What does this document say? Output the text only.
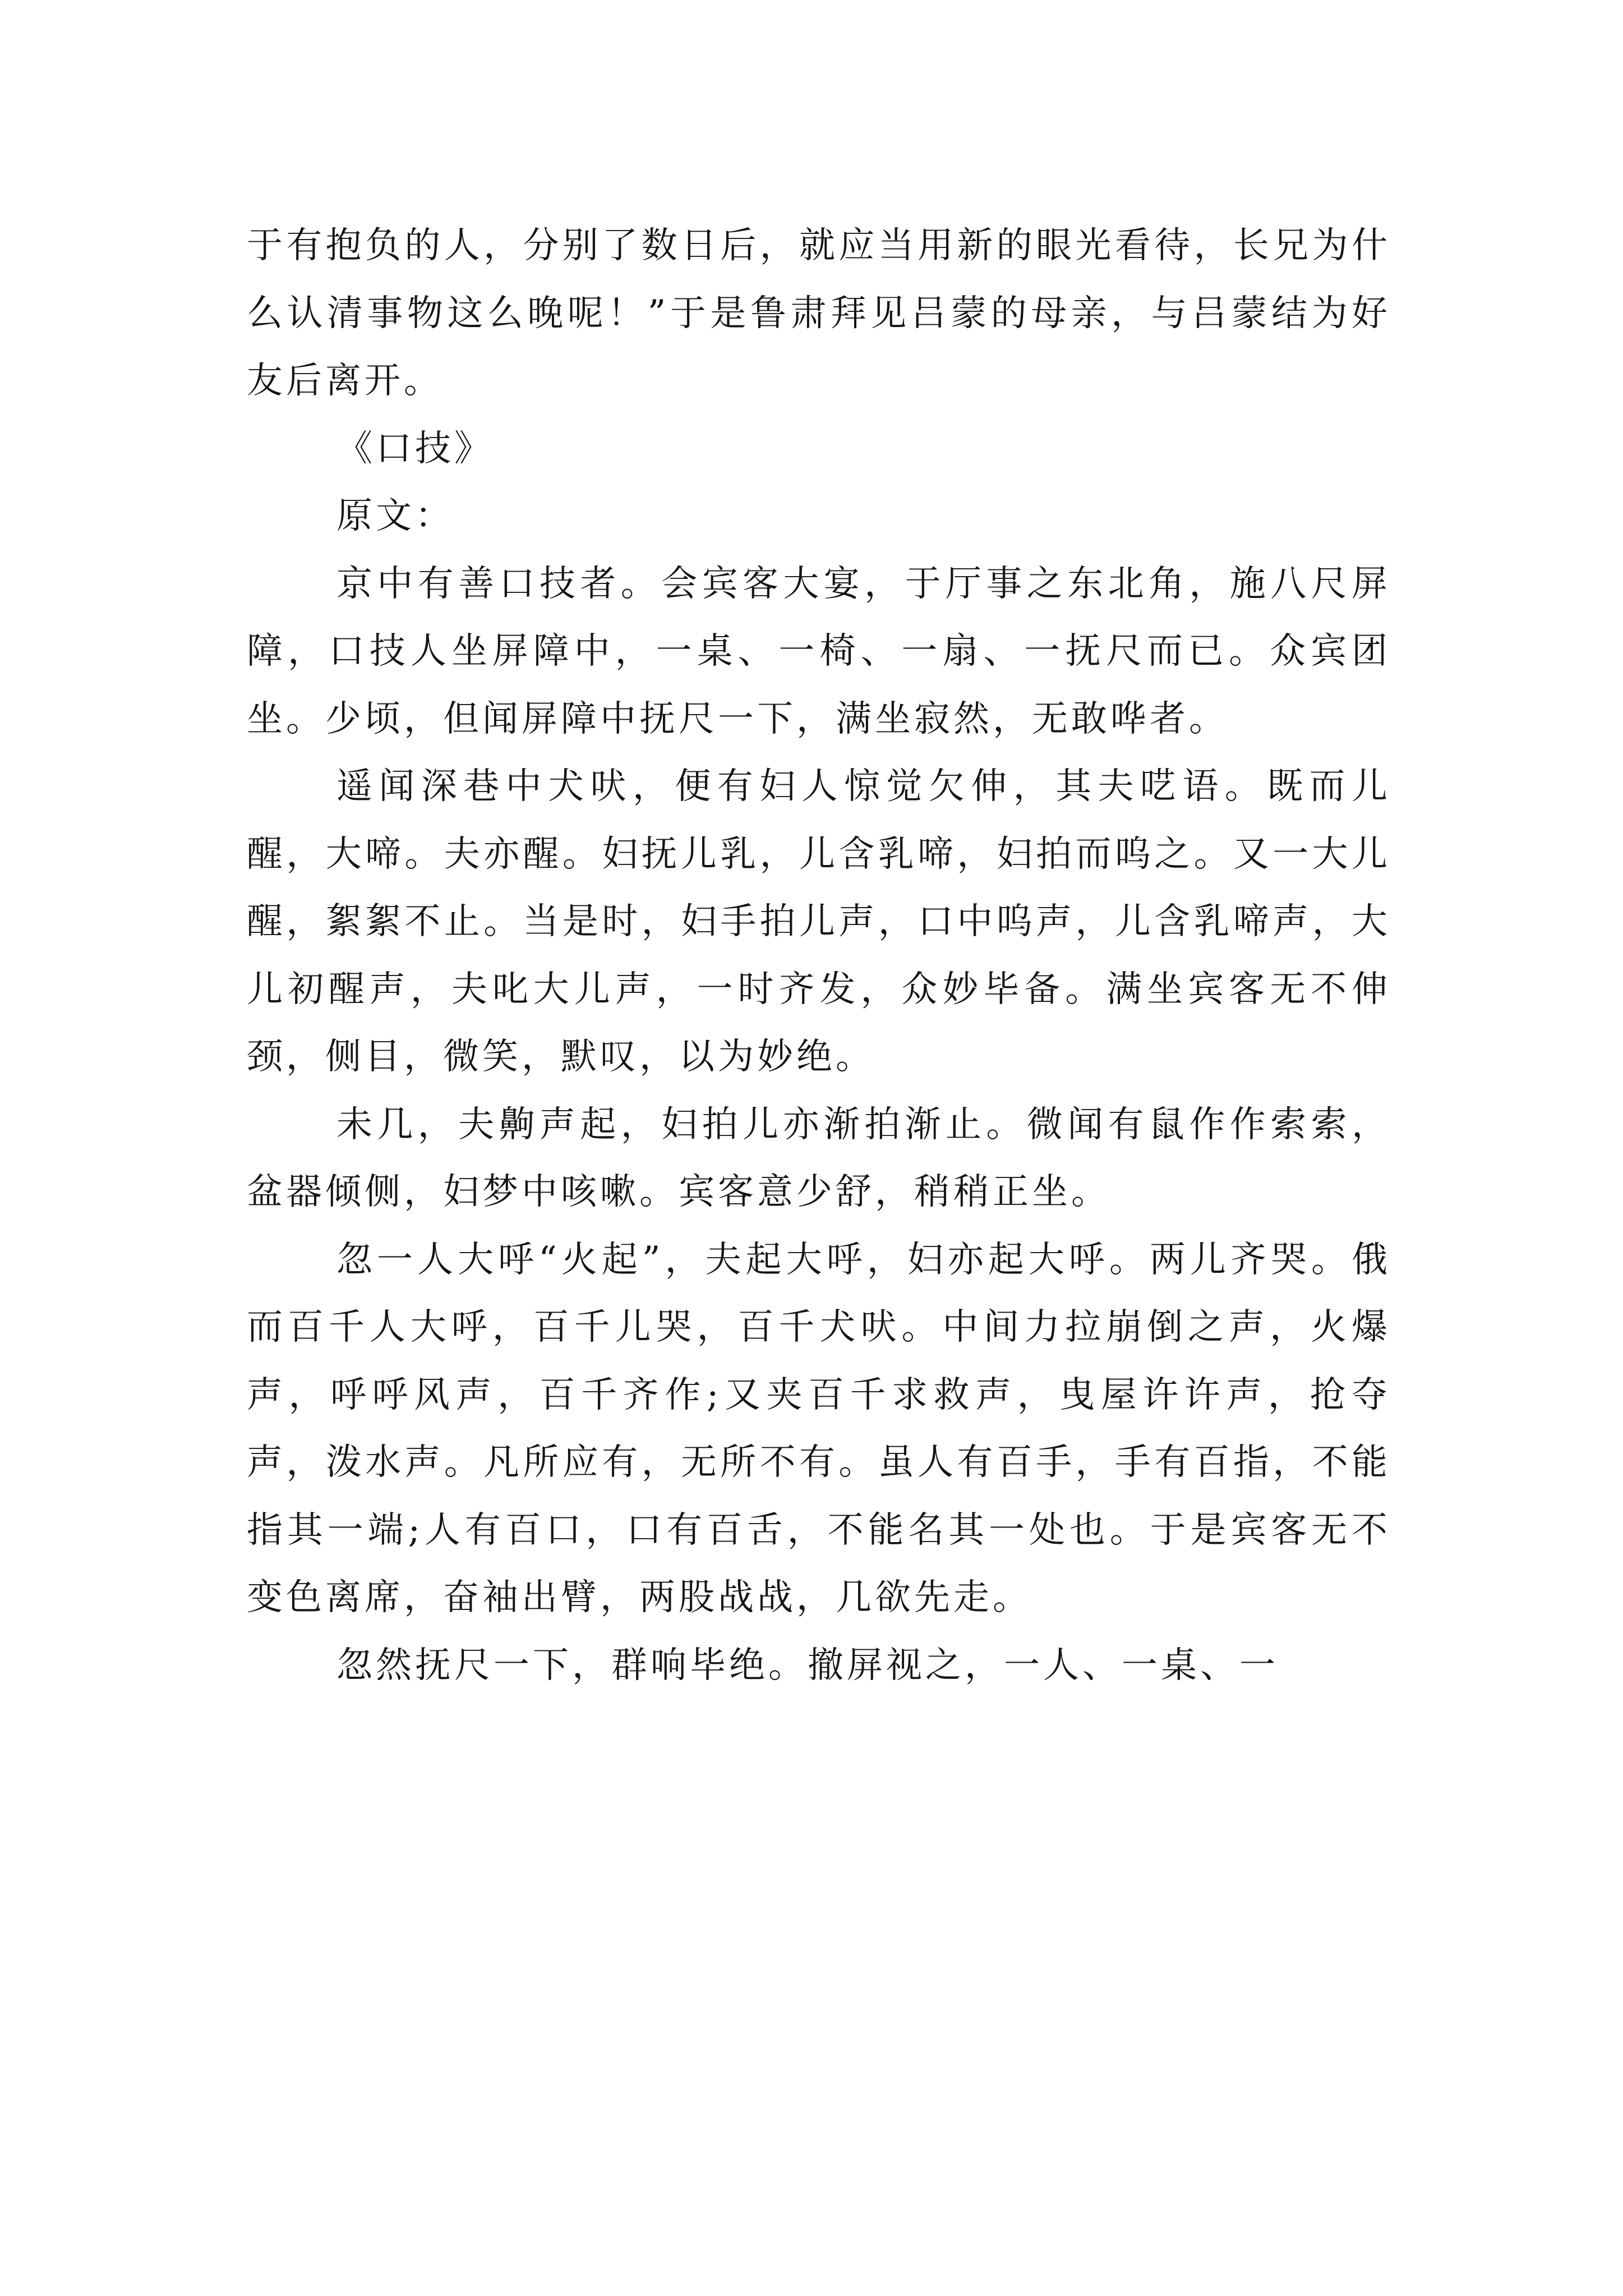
于有抱负的人，分别了数日后，就应当用新的眼光看待，长兄为什么认清事物这么晚呢！”于是鲁肃拜见吕蒙的母亲，与吕蒙结为好友后离开。

《口技》

原文：

京中有善口技者。会宾客大宴，于厅事之东北角，施八尺屏障，口技人坐屏障中，一桌、一椅、一扇、一抚尺而已。众宾团坐。少顷，但闻屏障中抚尺一下，满坐寂然，无敢哗者。

遥闻深巷中犬吠，便有妇人惊觉欠伸，其夫呓语。既而儿醒，大啼。夫亦醒。妇抚儿乳，儿含乳啼，妇拍而呜之。又一大儿醒，絮絮不止。当是时，妇手拍儿声，口中呜声，儿含乳啼声，大儿初醒声，夫叱大儿声，一时齐发，众妙毕备。满坐宾客无不伸颈，侧目，微笑，默叹，以为妙绝。

未几，夫齁声起，妇拍儿亦渐拍渐止。微闻有鼠作作索索，盆器倾侧，妇梦中咳嗽。宾客意少舒，稍稍正坐。

忽一人大呼“火起”，夫起大呼，妇亦起大呼。两儿齐哭。俄而百千人大呼，百千儿哭，百千犬吠。中间力拉崩倒之声，火爆声，呼呼风声，百千齐作;又夹百千求救声，曳屋许许声，抢夺声，泼水声。凡所应有，无所不有。虽人有百手，手有百指，不能指其一端;人有百口，口有百舌，不能名其一处也。于是宾客无不变色离席，奋袖出臂，两股战战，几欲先走。

忽然抚尺一下，群响毕绝。撤屏视之，一人、一桌、一
